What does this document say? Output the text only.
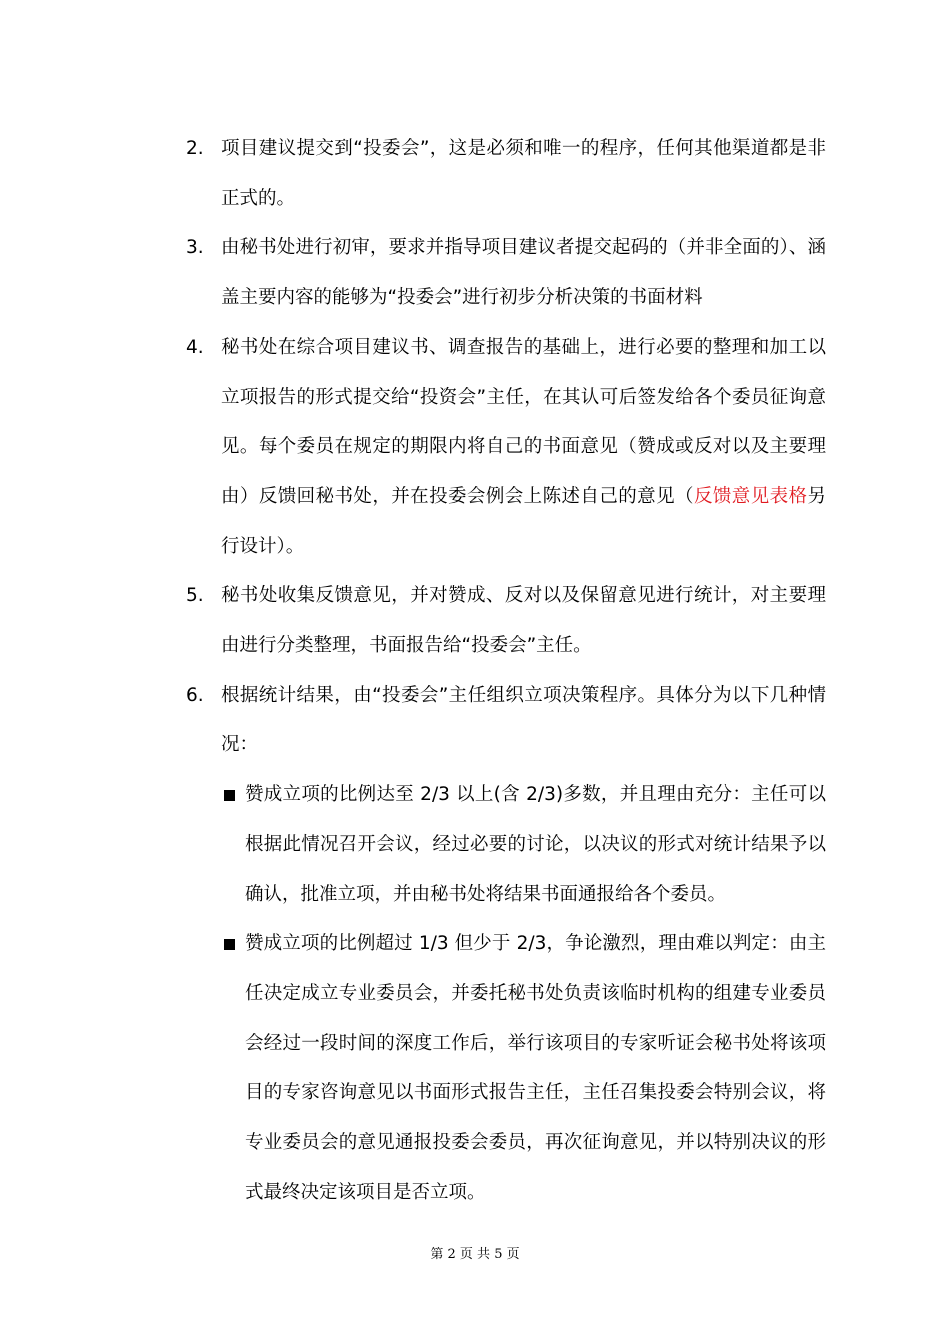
2. 项目建议提交到“投委会”，这是必须和唯一的程序，任何其他渠道都是非正式的。
3. 由秘书处进行初审，要求并指导项目建议者提交起码的（并非全面的）、涵盖主要内容的能够为“投委会”进行初步分析决策的书面材料
4. 秘书处在综合项目建议书、调查报告的基础上，进行必要的整理和加工以立项报告的形式提交给“投资会”主任，在其认可后签发给各个委员征询意见。每个委员在规定的期限内将自己的书面意见（赞成或反对以及主要理由）反馈回秘书处，并在投委会例会上陈述自己的意见（反馈意见表格另行设计）。
5. 秘书处收集反馈意见，并对赞成、反对以及保留意见进行统计，对主要理由进行分类整理，书面报告给“投委会”主任。
6. 根据统计结果，由“投委会”主任组织立项决策程序。具体分为以下几种情况：
赞成立项的比例达至 2/3 以上(含 2/3)多数，并且理由充分：主任可以根据此情况召开会议，经过必要的讨论，以决议的形式对统计结果予以确认，批准立项，并由秘书处将结果书面通报给各个委员。
赞成立项的比例超过 1/3 但少于 2/3，争论激烈，理由难以判定：由主任决定成立专业委员会，并委托秘书处负责该临时机构的组建专业委员会经过一段时间的深度工作后，举行该项目的专家听证会秘书处将该项目的专家咨询意见以书面形式报告主任，主任召集投委会特别会议，将专业委员会的意见通报投委会委员，再次征询意见，并以特别决议的形式最终决定该项目是否立项。
第 2 页 共 5 页
